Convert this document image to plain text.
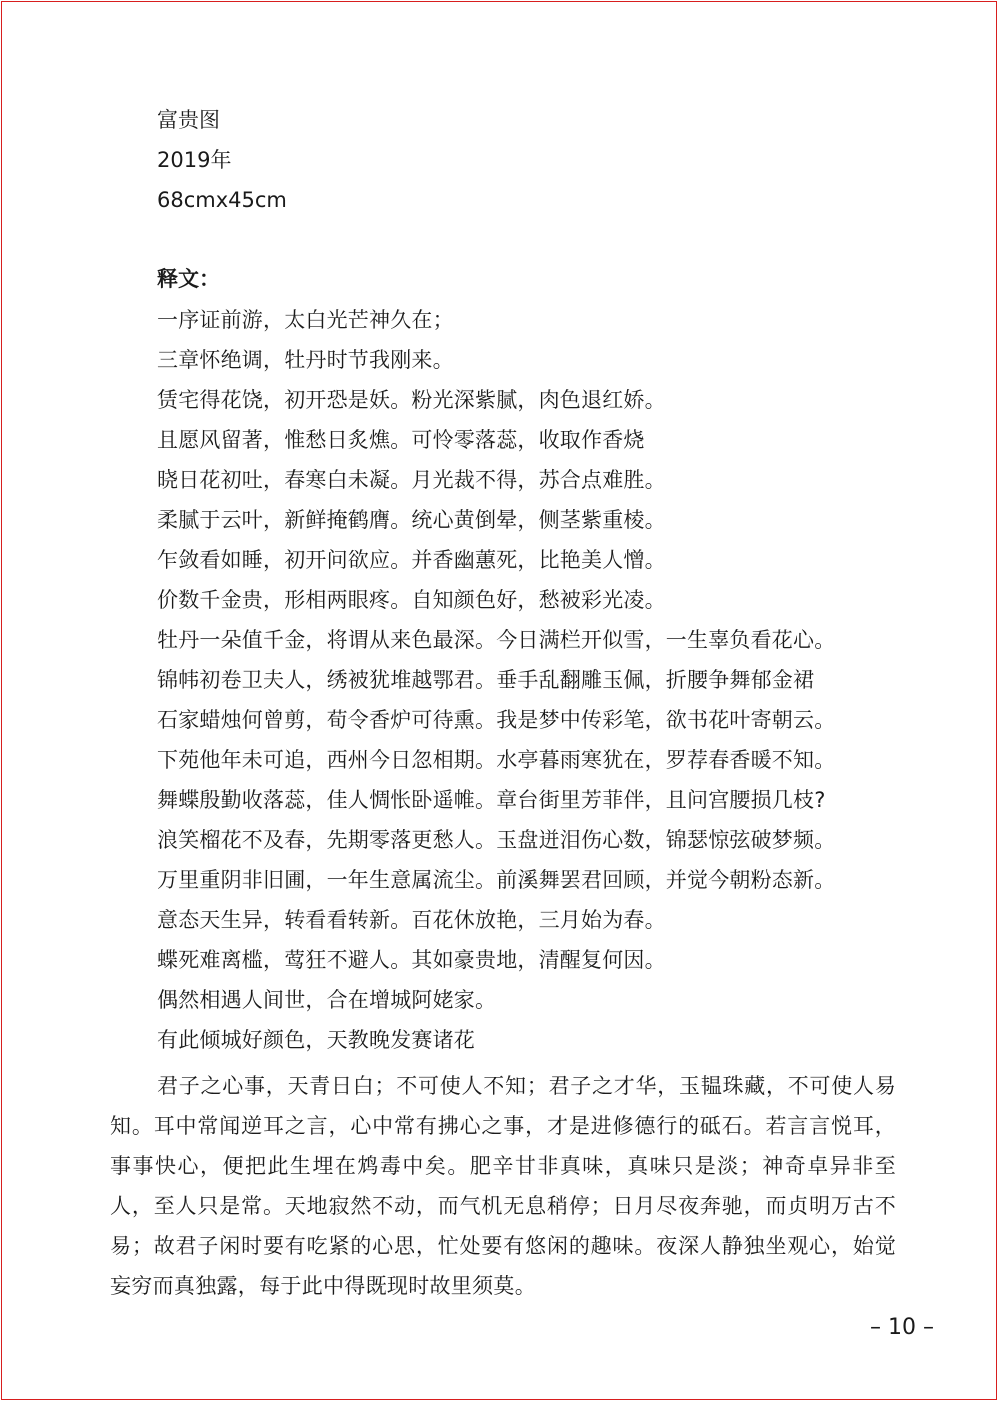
富贵图
2019年
68cmx45cm
释文：
一序证前游，太白光芒神久在；
三章怀绝调，牡丹时节我刚来。
赁宅得花饶，初开恐是妖。粉光深紫腻，肉色退红娇。
且愿风留著，惟愁日炙燋。可怜零落蕊，收取作香烧
晓日花初吐，春寒白未凝。月光裁不得，苏合点难胜。
柔腻于云叶，新鲜掩鹤膺。统心黄倒晕，侧茎紫重棱。
乍敛看如睡，初开问欲应。并香幽蕙死，比艳美人憎。
价数千金贵，形相两眼疼。自知颜色好，愁被彩光凌。
牡丹一朵值千金，将谓从来色最深。今日满栏开似雪，一生辜负看花心。
锦帏初卷卫夫人，绣被犹堆越鄂君。垂手乱翻雕玉佩，折腰争舞郁金裙
石家蜡烛何曾剪，荀令香炉可待熏。我是梦中传彩笔，欲书花叶寄朝云。
下苑他年未可追，西州今日忽相期。水亭暮雨寒犹在，罗荐春香暖不知。
舞蝶殷勤收落蕊，佳人惆怅卧遥帷。章台街里芳菲伴，且问宫腰损几枝?
浪笑榴花不及春，先期零落更愁人。玉盘迸泪伤心数，锦瑟惊弦破梦频。
万里重阴非旧圃，一年生意属流尘。前溪舞罢君回顾，并觉今朝粉态新。
意态天生异，转看看转新。百花休放艳，三月始为春。
蝶死难离槛，莺狂不避人。其如豪贵地，清醒复何因。
偶然相遇人间世，合在增城阿姥家。
有此倾城好颜色，天教晚发赛诸花
君子之心事，天青日白；不可使人不知；君子之才华，玉韫珠藏，不可使人易知。耳中常闻逆耳之言，心中常有拂心之事，才是进修德行的砥石。若言言悦耳，事事快心，便把此生埋在鸩毒中矣。肥辛甘非真味，真味只是淡；神奇卓异非至人，至人只是常。天地寂然不动，而气机无息稍停；日月尽夜奔驰，而贞明万古不易；故君子闲时要有吃紧的心思，忙处要有悠闲的趣味。夜深人静独坐观心，始觉妄穷而真独露，每于此中得既现时故里须莫。
– 10 –
